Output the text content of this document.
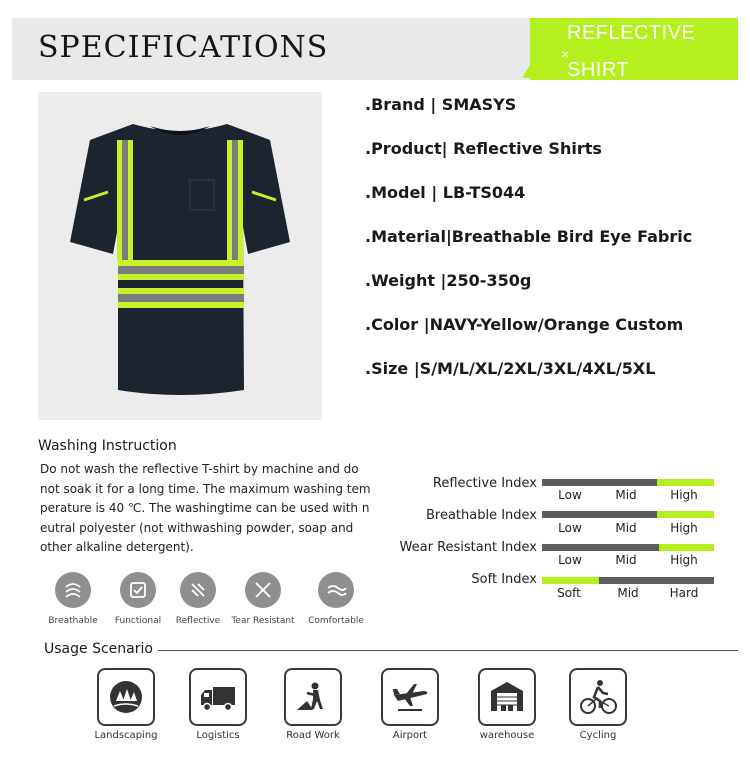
SPECIFICATIONS	REFLECTIVE
×
SHIRT
.Brand | SMASYS
.Product| Reflective Shirts
.Model | LB-TS044
.Material|Breathable Bird Eye Fabric
.Weight |250-350g
.Color |NAVY-Yellow/Orange Custom
.Size |S/M/L/XL/2XL/3XL/4XL/5XL
Washing Instruction
Do not wash the reflective T-shirt by machine and do
not soak it for a long time. The maximum washing tem
perature is 40 ℃. The washingtime can be used with n
eutral polyester (not withwashing powder, soap and
other alkaline detergent).
Breathable	Functional	Reflective	Tear Resistant	Comfortable
Reflective Index
Low	Mid	High
Breathable Index
Low	Mid	High
Wear Resistant Index
Low	Mid	High
Soft Index
Soft	Mid	Hard
Usage Scenario
Landscaping	Logistics	Road Work	Airport	warehouse	Cycling
